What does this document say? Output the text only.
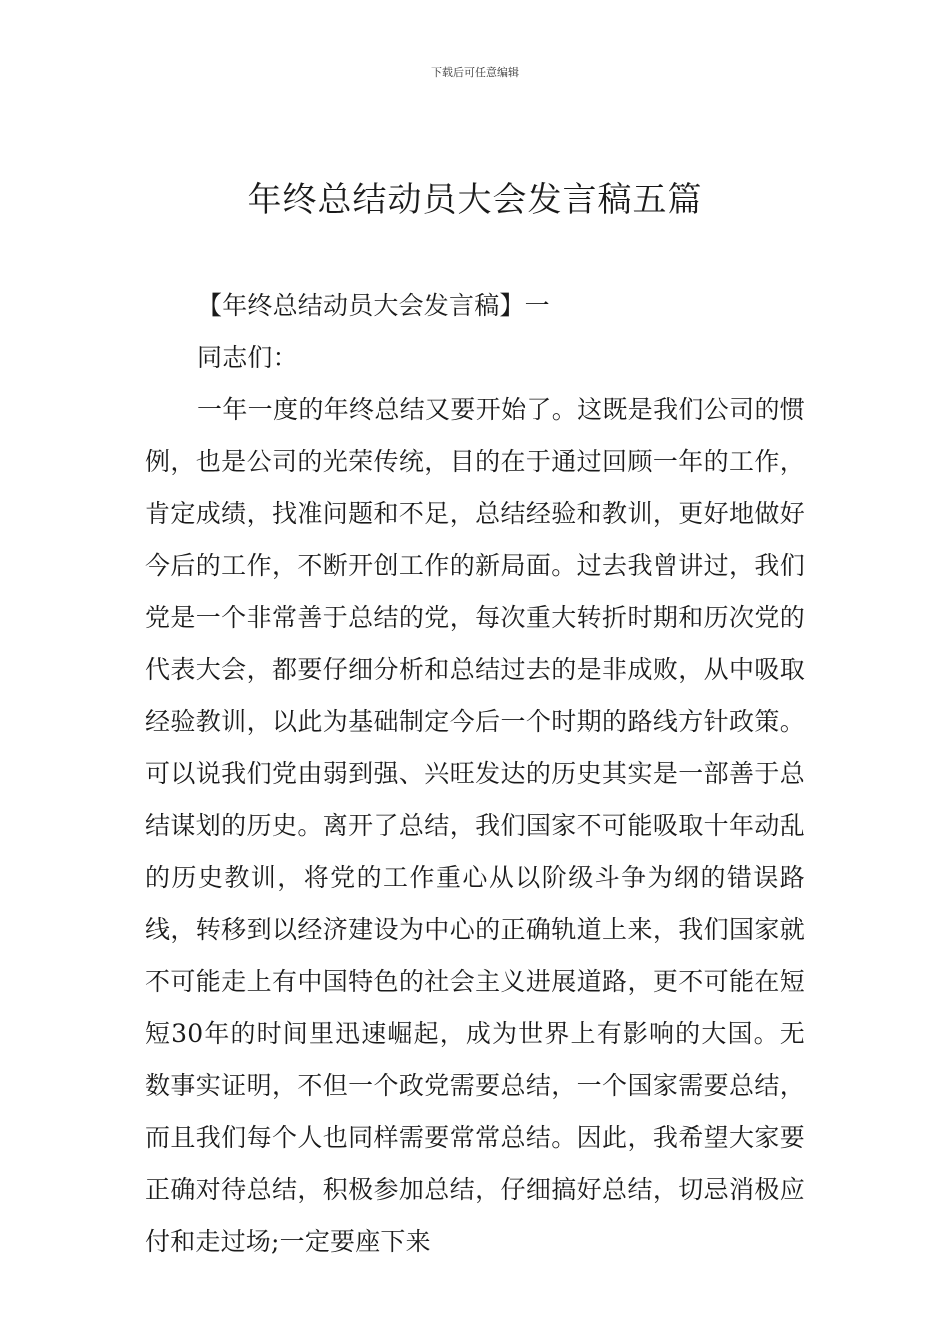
下载后可任意编辑
年终总结动员大会发言稿五篇

【年终总结动员大会发言稿】一

同志们：

一年一度的年终总结又要开始了。这既是我们公司的惯例，也是公司的光荣传统，目的在于通过回顾一年的工作，肯定成绩，找准问题和不足，总结经验和教训，更好地做好今后的工作，不断开创工作的新局面。过去我曾讲过，我们党是一个非常善于总结的党，每次重大转折时期和历次党的代表大会，都要仔细分析和总结过去的是非成败，从中吸取经验教训，以此为基础制定今后一个时期的路线方针政策。可以说我们党由弱到强、兴旺发达的历史其实是一部善于总结谋划的历史。离开了总结，我们国家不可能吸取十年动乱的历史教训，将党的工作重心从以阶级斗争为纲的错误路线，转移到以经济建设为中心的正确轨道上来，我们国家就不可能走上有中国特色的社会主义进展道路，更不可能在短短30年的时间里迅速崛起，成为世界上有影响的大国。无数事实证明，不但一个政党需要总结，一个国家需要总结，而且我们每个人也同样需要常常总结。因此，我希望大家要正确对待总结，积极参加总结，仔细搞好总结，切忌消极应付和走过场;一定要座下来
